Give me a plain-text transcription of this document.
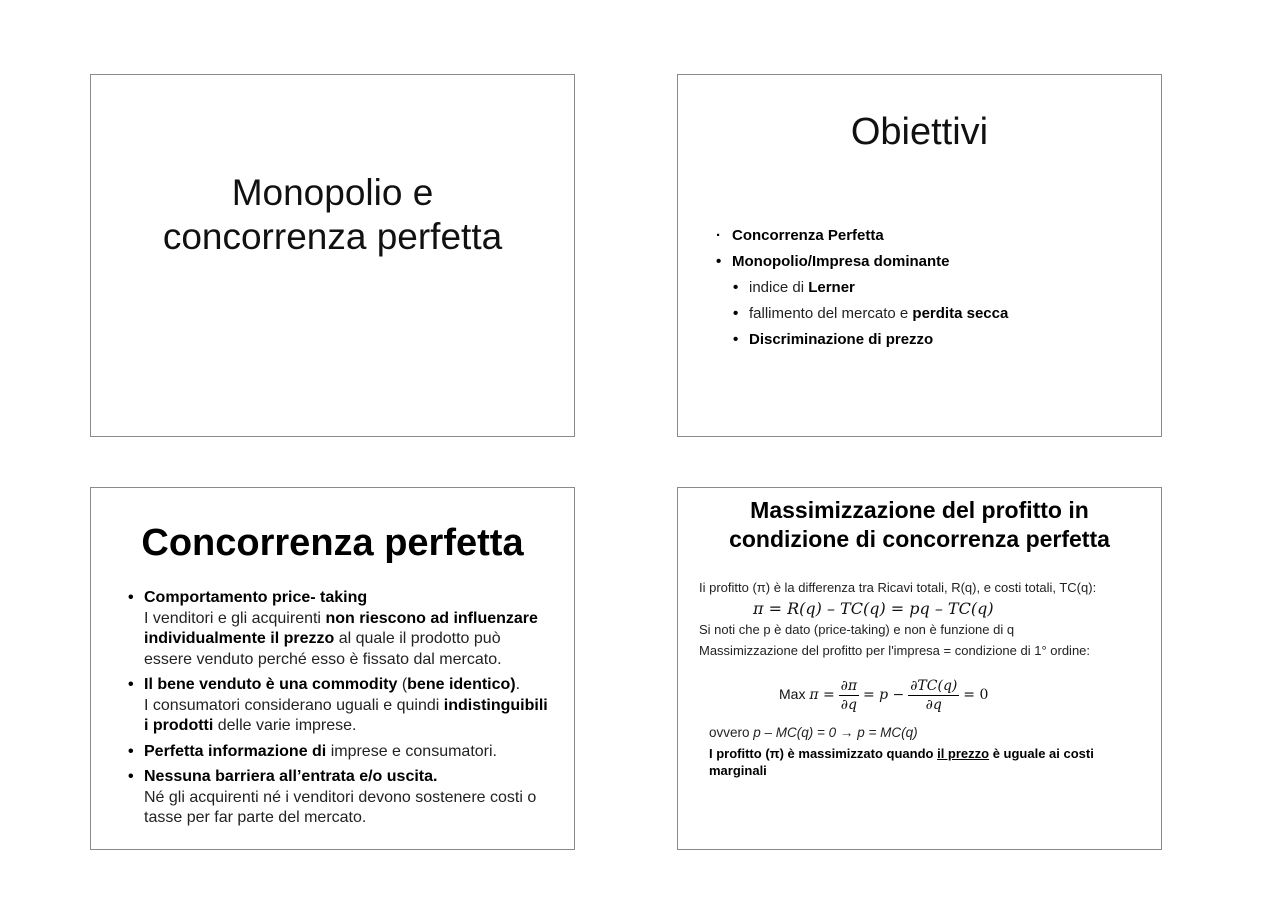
Monopolio e
concorrenza perfetta
Obiettivi
· Concorrenza Perfetta
• Monopolio/Impresa dominante
• indice di Lerner
• fallimento del mercato e perdita secca
• Discriminazione di prezzo
Concorrenza perfetta
• Comportamento price- taking
I venditori e gli acquirenti non riescono ad influenzare individualmente il prezzo al quale il prodotto può essere venduto perché esso è fissato dal mercato.
• Il bene venduto è una commodity (bene identico).
I consumatori considerano uguali e quindi indistinguibili i prodotti delle varie imprese.
• Perfetta informazione di imprese e consumatori.
• Nessuna barriera all’entrata e/o uscita.
Né gli acquirenti né i venditori devono sostenere costi o tasse per far parte del mercato.
Massimizzazione del profitto in
condizione di concorrenza perfetta
Ii profitto (π) è la differenza tra Ricavi totali, R(q), e costi totali, TC(q):
π = R(q) – TC(q) = pq – TC(q)
Si noti che p è dato (price-taking) e non è funzione di q
Massimizzazione del profitto per l'impresa = condizione di 1° ordine:
Max $\pi = \frac{\partial\pi}{\partial q} = p - \frac{\partial TC(q)}{\partial q} = 0$
ovvero p – MC(q) = 0 → p = MC(q)
I profitto (π) è massimizzato quando il prezzo è uguale ai costi marginali
